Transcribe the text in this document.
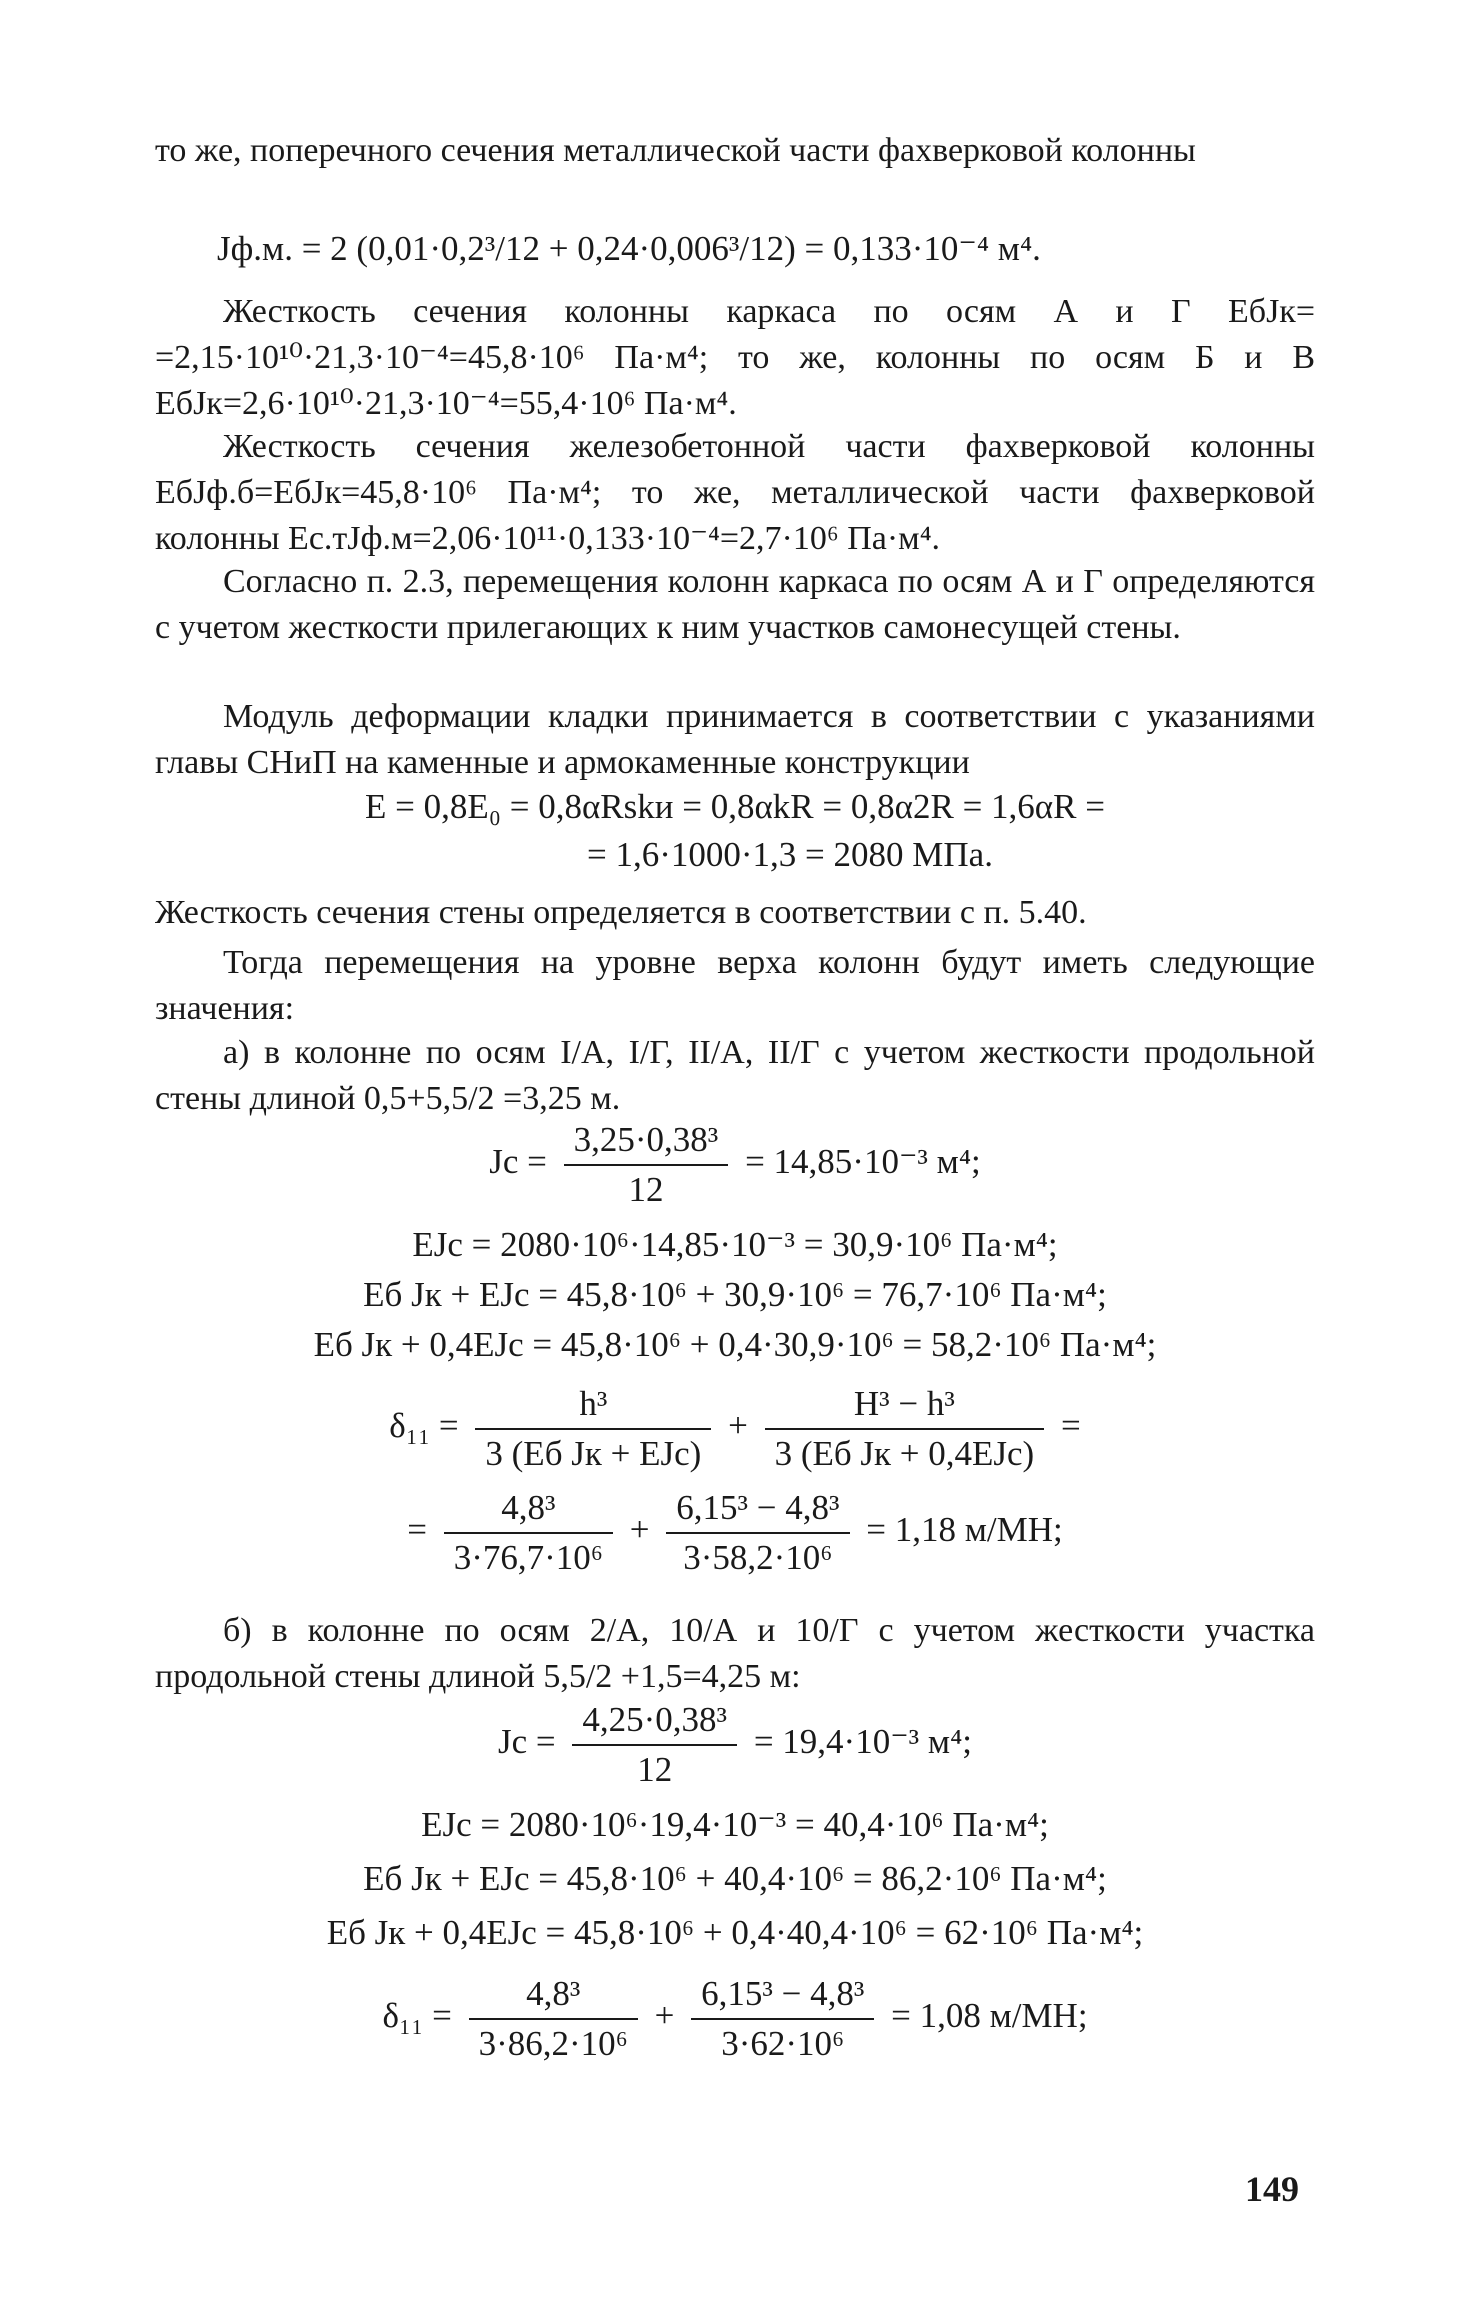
то же, поперечного сечения металлической части фахверковой колонны

Jф.м. = 2 (0,01·0,2³/12 + 0,24·0,006³/12) = 0,133·10⁻⁴ м⁴.

Жесткость сечения колонны каркаса по осям А и Г EбJк= =2,15·10¹⁰·21,3·10⁻⁴=45,8·10⁶ Па·м⁴; то же, колонны по осям Б и В EбJк=2,6·10¹⁰·21,3·10⁻⁴=55,4·10⁶ Па·м⁴.

Жесткость сечения железобетонной части фахверковой колонны EбJф.б=EбJк=45,8·10⁶ Па·м⁴; то же, металлической части фахверковой колонны Eс.тJф.м=2,06·10¹¹·0,133·10⁻⁴=2,7·10⁶ Па·м⁴.

Согласно п. 2.3, перемещения колонн каркаса по осям А и Г определяются с учетом жесткости прилегающих к ним участков самонесущей стены.

Модуль деформации кладки принимается в соответствии с указаниями главы СНиП на каменные и армокаменные конструкции

E = 0,8E₀ = 0,8αRskи = 0,8αkR = 0,8α2R = 1,6αR =
= 1,6·1000·1,3 = 2080 МПа.

Жесткость сечения стены определяется в соответствии с п. 5.40.

Тогда перемещения на уровне верха колонн будут иметь следующие значения:

а) в колонне по осям I/А, I/Г, II/А, II/Г с учетом жесткости продольной стены длиной 0,5+5,5/2 =3,25 м.

Jс = $\frac{\text{3,25·0,38³}}{12} = 14,85\cdot 10^{-3}$ м⁴;
EJс = 2080·10⁶·14,85·10⁻³ = 30,9·10⁶ Па·м⁴;
Eб Jк + EJс = 45,8·10⁶ + 30,9·10⁶ = 76,7·10⁶ Па·м⁴;
Eб Jк + 0,4EJс = 45,8·10⁶ + 0,4·30,9·10⁶ = 58,2·10⁶ Па·м⁴;
$\delta_{11} = \frac{\text{h³}}{\text{3 (Eб Jк + EJс)}} + \frac{\text{H³ − h³}}{\text{3 (Eб Jк + 0,4EJс)}}$ =
= $\frac{\text{4,8³}}{\text{3·76,7·10⁶}} + \frac{\text{6,15³ − 4,8³}}{\text{3·58,2·10⁶}} = 1,18$ м/МН;

б) в колонне по осям 2/А, 10/А и 10/Г с учетом жесткости участка продольной стены длиной 5,5/2 +1,5=4,25 м:

Jс = $\frac{\text{4,25·0,38³}}{12} = 19,4\cdot 10^{-3}$ м⁴;
EJс = 2080·10⁶·19,4·10⁻³ = 40,4·10⁶ Па·м⁴;
Eб Jк + EJс = 45,8·10⁶ + 40,4·10⁶ = 86,2·10⁶ Па·м⁴;
Eб Jк + 0,4EJс = 45,8·10⁶ + 0,4·40,4·10⁶ = 62·10⁶ Па·м⁴;
$\delta_{11} = \frac{\text{4,8³}}{\text{3·86,2·10⁶}} + \frac{\text{6,15³ − 4,8³}}{\text{3·62·10⁶}} = 1,08$ м/МН;
149
